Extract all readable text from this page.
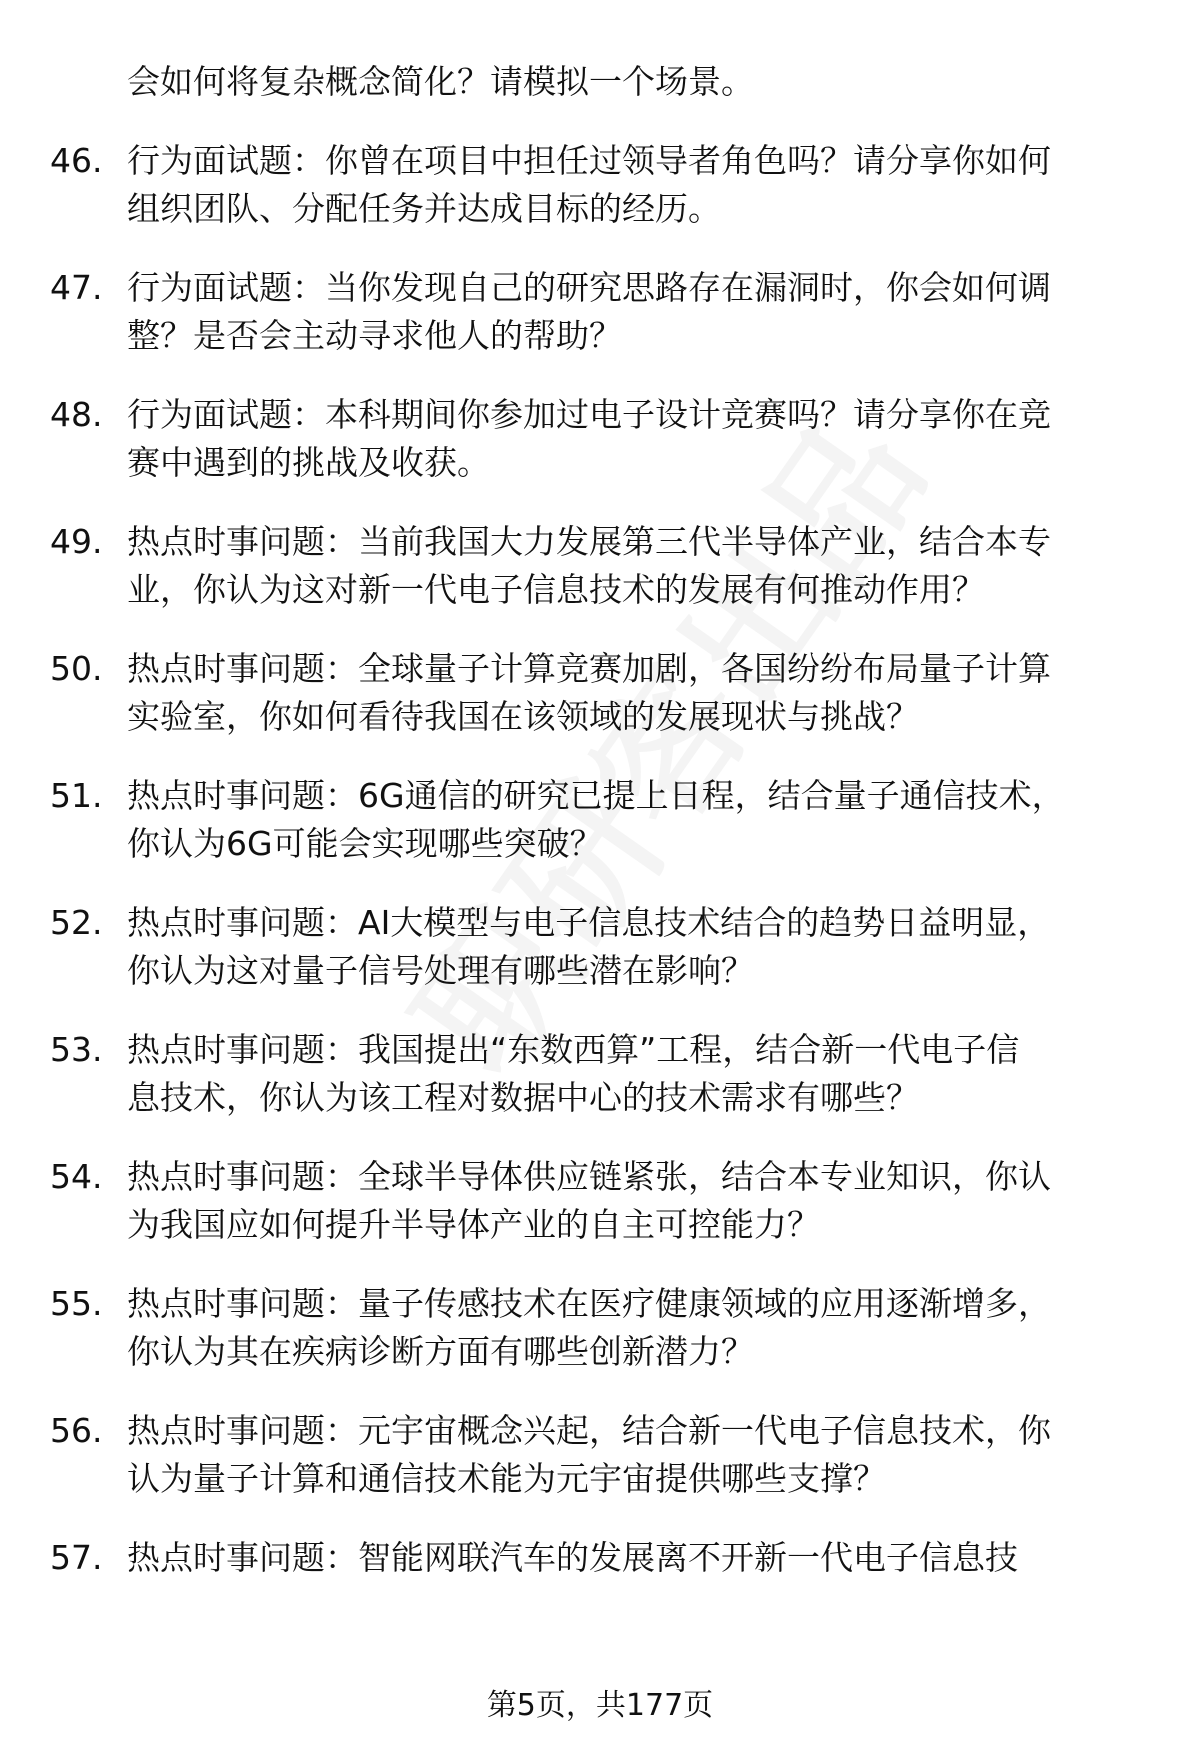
会如何将复杂概念简化？请模拟一个场景。
46. 行为面试题：你曾在项目中担任过领导者角色吗？请分享你如何
组织团队、分配任务并达成目标的经历。
47. 行为面试题：当你发现自己的研究思路存在漏洞时，你会如何调
整？是否会主动寻求他人的帮助？
48. 行为面试题：本科期间你参加过电子设计竞赛吗？请分享你在竞
赛中遇到的挑战及收获。
49. 热点时事问题：当前我国大力发展第三代半导体产业，结合本专
业，你认为这对新一代电子信息技术的发展有何推动作用？
50. 热点时事问题：全球量子计算竞赛加剧，各国纷纷布局量子计算
实验室，你如何看待我国在该领域的发展现状与挑战？
51. 热点时事问题：6G通信的研究已提上日程，结合量子通信技术，
你认为6G可能会实现哪些突破？
52. 热点时事问题：AI大模型与电子信息技术结合的趋势日益明显，
你认为这对量子信号处理有哪些潜在影响？
53. 热点时事问题：我国提出“东数西算”工程，结合新一代电子信
息技术，你认为该工程对数据中心的技术需求有哪些？
54. 热点时事问题：全球半导体供应链紧张，结合本专业知识，你认
为我国应如何提升半导体产业的自主可控能力？
55. 热点时事问题：量子传感技术在医疗健康领域的应用逐渐增多，
你认为其在疾病诊断方面有哪些创新潜力？
56. 热点时事问题：元宇宙概念兴起，结合新一代电子信息技术，你
认为量子计算和通信技术能为元宇宙提供哪些支撑？
57. 热点时事问题：智能网联汽车的发展离不开新一代电子信息技
第5页，共177页
